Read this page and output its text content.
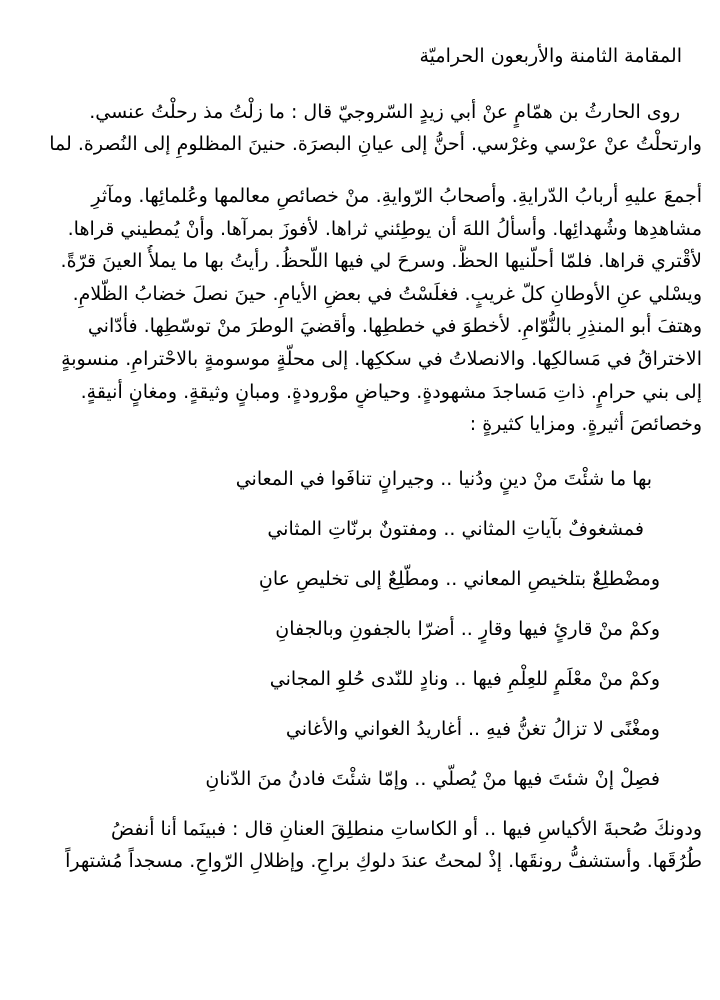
المقامة الثامنة والأربعون الحراميّة
روى الحارثُ بن همّامٍ عنْ أبي زيدٍ السّروجيّ قال : ما زلْتُ مذ رحلْتُ عنسي.
وارتحلْتُ عنْ عرْسي وغرْسي. أحنُّ إلى عيانِ البصرَة. حنينَ المظلومِ إلى النُصرة. لما
أجمعَ عليهِ أربابُ الدّرايةِ. وأصحابُ الرّوايةِ. منْ خصائصِ معالمها وعُلمائِها. ومآثرِ
مشاهدِها وشُهدائِها. وأسألُ اللهَ أن يوطِئني ثراها. لأفوزَ بمرآها. وأنْ يُمطيني قراها.
لأقْتري قراها. فلمّا أحلّنيها الحظُّ. وسرحَ لي فيها اللّحظُ. رأيتُ بها ما يملأُ العينَ قرّةً.
ويسْلي عنِ الأوطانِ كلّ غريبٍ. فغلَسْتُ في بعضِ الأيامِ. حينَ نصلَ خضابُ الظّلامِ.
وهتفَ أبو المنذِرِ بالنُّوّامِ. لأخطوَ في خططِها. وأقضيَ الوطرَ منْ توسّطِها. فأدّاني
الاختراقُ في مَسالكِها. والانصلاتُ في سككِها. إلى محلّةٍ موسومةٍ بالاحْترامِ. منسوبةٍ
إلى بني حرامٍ. ذاتِ مَساجدَ مشهودةٍ. وحياضٍ موْرودةٍ. ومبانٍ وثيقةٍ. ومغانٍ أنيقةٍ.
وخصائصَ أثيرةٍ. ومزايا كثيرةٍ :
بها ما شئْتَ منْ دينٍ ودُنيا .. وجيرانٍ تنافَوا في المعاني
فمشغوفٌ بآياتِ المثاني .. ومفتونٌ برنّاتِ المثاني
ومضْطلِعٌ بتلخيصِ المعاني .. ومطّلِعٌ إلى تخليصِ عانِ
وكمْ منْ قارئٍ فيها وقارٍ .. أضرّا بالجفونِ وبالجفانِ
وكمْ منْ معْلَمٍ للعِلْمِ فيها .. ونادٍ للنّدى حُلوِ المجاني
ومغْنًى لا تزالُ تغنُّ فيهِ .. أغاريدُ الغواني والأغاني
فصِلْ إنْ شئتَ فيها منْ يُصلّي .. وإمّا شئْتَ فادنُ منَ الدّنانِ
ودونكَ صُحبةَ الأكياسِ فيها .. أو الكاساتِ منطلِقَ العنانِ قال : فبينَما أنا أنفضُ
طُرُقَها. وأستشفُّ رونقَها. إذْ لمحتُ عندَ دلوكِ براحِ. وإظلالِ الرّواحِ. مسجداً مُشتهراً
